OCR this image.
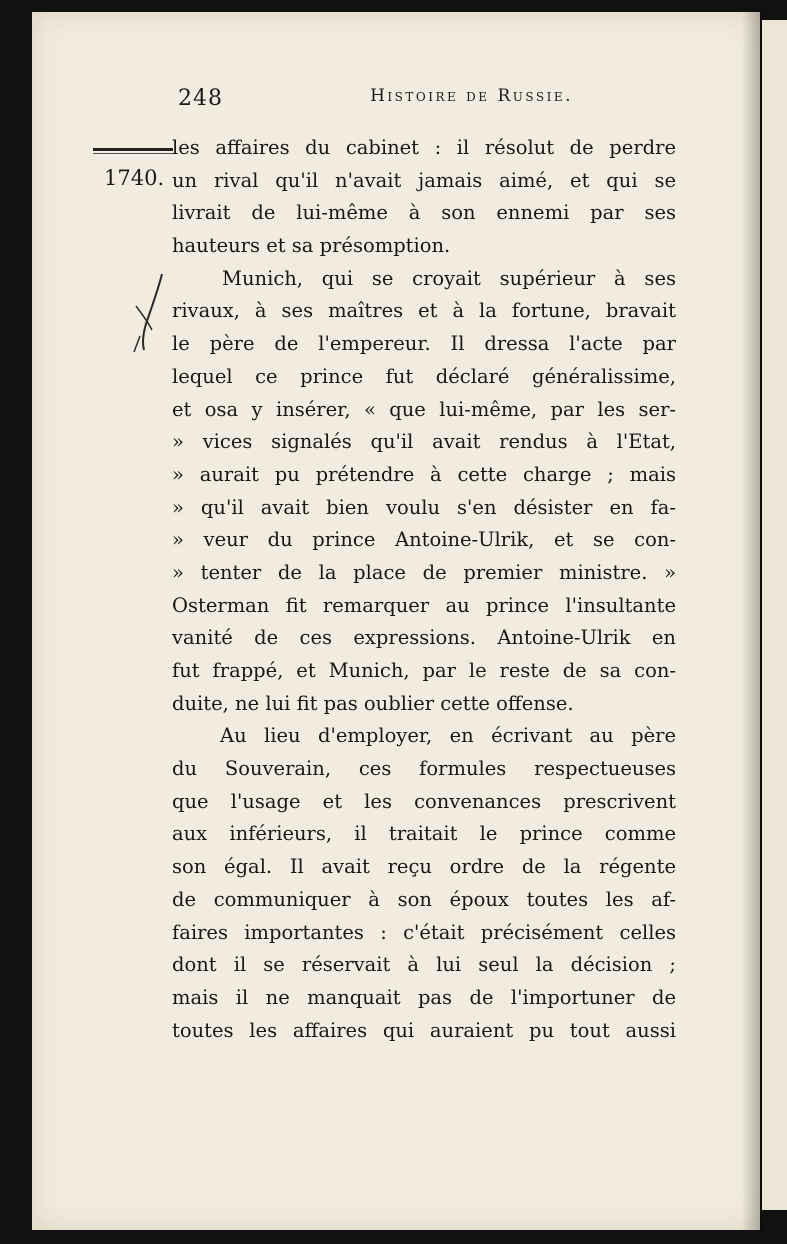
248	Histoire de Russie.
1740.
les affaires du cabinet : il résolut de perdre
un rival qu'il n'avait jamais aimé, et qui se
livrait de lui-même à son ennemi par ses
hauteurs et sa présomption.
Munich, qui se croyait supérieur à ses
rivaux, à ses maîtres et à la fortune, bravait
le père de l'empereur. Il dressa l'acte par
lequel ce prince fut déclaré généralissime,
et osa y insérer, « que lui-même, par les ser-
» vices signalés qu'il avait rendus à l'Etat,
» aurait pu prétendre à cette charge ; mais
» qu'il avait bien voulu s'en désister en fa-
» veur du prince Antoine-Ulrik, et se con-
» tenter de la place de premier ministre. »
Osterman fit remarquer au prince l'insultante
vanité de ces expressions. Antoine-Ulrik en
fut frappé, et Munich, par le reste de sa con-
duite, ne lui fit pas oublier cette offense.
Au lieu d'employer, en écrivant au père
du Souverain, ces formules respectueuses
que l'usage et les convenances prescrivent
aux inférieurs, il traitait le prince comme
son égal. Il avait reçu ordre de la régente
de communiquer à son époux toutes les af-
faires importantes : c'était précisément celles
dont il se réservait à lui seul la décision ;
mais il ne manquait pas de l'importuner de
toutes les affaires qui auraient pu tout aussi
